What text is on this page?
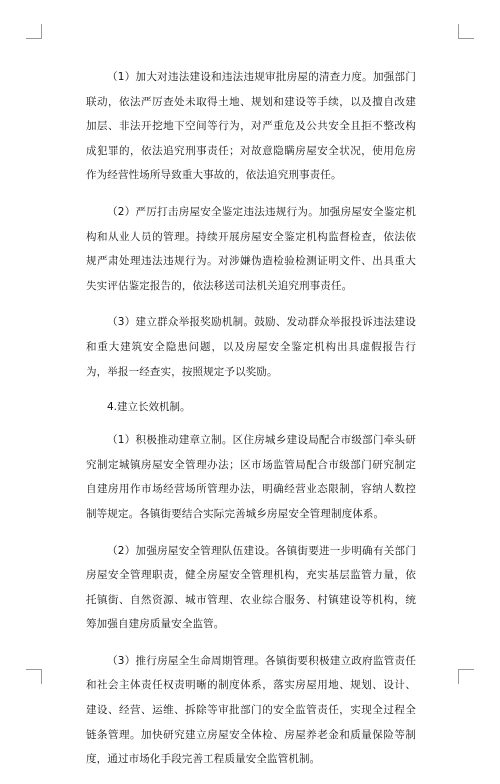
（1）加大对违法建设和违法违规审批房屋的清查力度。加强部门联动，依法严厉查处未取得土地、规划和建设等手续，以及擅自改建加层、非法开挖地下空间等行为，对严重危及公共安全且拒不整改构成犯罪的，依法追究刑事责任；对故意隐瞒房屋安全状况，使用危房作为经营性场所导致重大事故的，依法追究刑事责任。

（2）严厉打击房屋安全鉴定违法违规行为。加强房屋安全鉴定机构和从业人员的管理。持续开展房屋安全鉴定机构监督检查，依法依规严肃处理违法违规行为。对涉嫌伪造检验检测证明文件、出具重大失实评估鉴定报告的，依法移送司法机关追究刑事责任。

（3）建立群众举报奖励机制。鼓励、发动群众举报投诉违法建设和重大建筑安全隐患问题，以及房屋安全鉴定机构出具虚假报告行为，举报一经查实，按照规定予以奖励。

4.建立长效机制。

（1）积极推动建章立制。区住房城乡建设局配合市级部门牵头研究制定城镇房屋安全管理办法；区市场监管局配合市级部门研究制定自建房用作市场经营场所管理办法，明确经营业态限制，容纳人数控制等规定。各镇街要结合实际完善城乡房屋安全管理制度体系。

（2）加强房屋安全管理队伍建设。各镇街要进一步明确有关部门房屋安全管理职责，健全房屋安全管理机构，充实基层监管力量，依托镇街、自然资源、城市管理、农业综合服务、村镇建设等机构，统筹加强自建房质量安全监管。

（3）推行房屋全生命周期管理。各镇街要积极建立政府监管责任和社会主体责任权责明晰的制度体系，落实房屋用地、规划、设计、建设、经营、运维、拆除等审批部门的安全监管责任，实现全过程全链条管理。加快研究建立房屋安全体检、房屋养老金和质量保险等制度，通过市场化手段完善工程质量安全监管机制。
